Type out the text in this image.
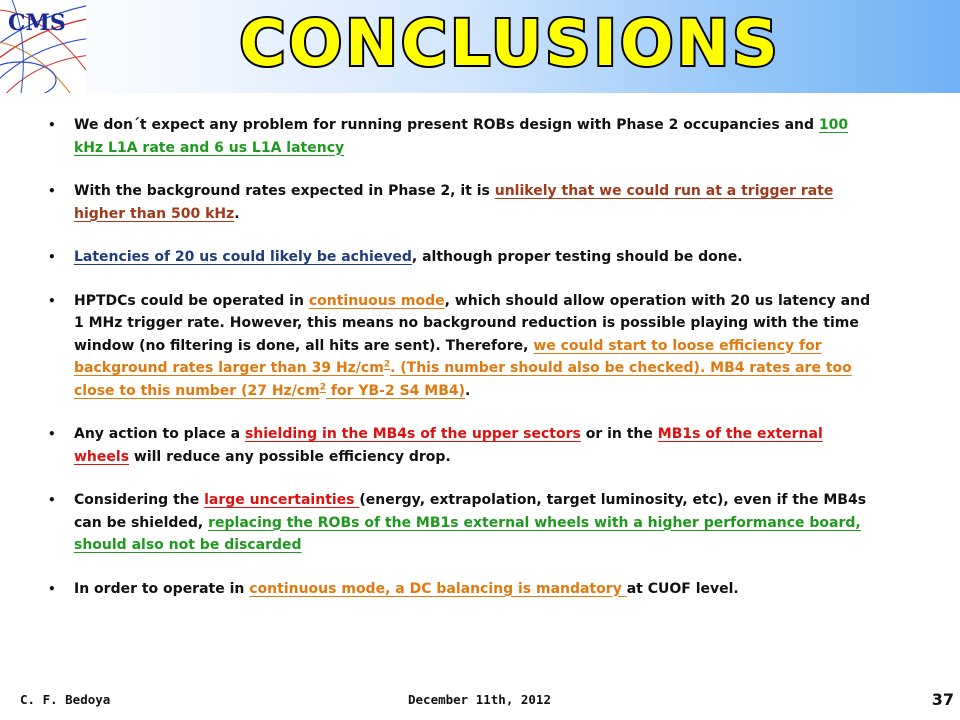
CMS	CONCLUSIONS
• We don´t expect any problem for running present ROBs design with Phase 2 occupancies and 100 kHz L1A rate and 6 us L1A latency
• With the background rates expected in Phase 2, it is unlikely that we could run at a trigger rate higher than 500 kHz.
• Latencies of 20 us could likely be achieved, although proper testing should be done.
• HPTDCs could be operated in continuous mode, which should allow operation with 20 us latency and 1 MHz trigger rate. However, this means no background reduction is possible playing with the time window (no filtering is done, all hits are sent). Therefore, we could start to loose efficiency for background rates larger than 39 $Hz/cm^2$. (This number should also be checked). MB4 rates are too close to this number (27 $Hz/cm^2$ for YB-2 S4 MB4).
• Any action to place a shielding in the MB4s of the upper sectors or in the MB1s of the external wheels will reduce any possible efficiency drop.
• Considering the large uncertainties (energy, extrapolation, target luminosity, etc), even if the MB4s can be shielded, replacing the ROBs of the MB1s external wheels with a higher performance board, should also not be discarded
• In order to operate in continuous mode, a DC balancing is mandatory at CUOF level.
C. F. Bedoya	December 11th, 2012	37
